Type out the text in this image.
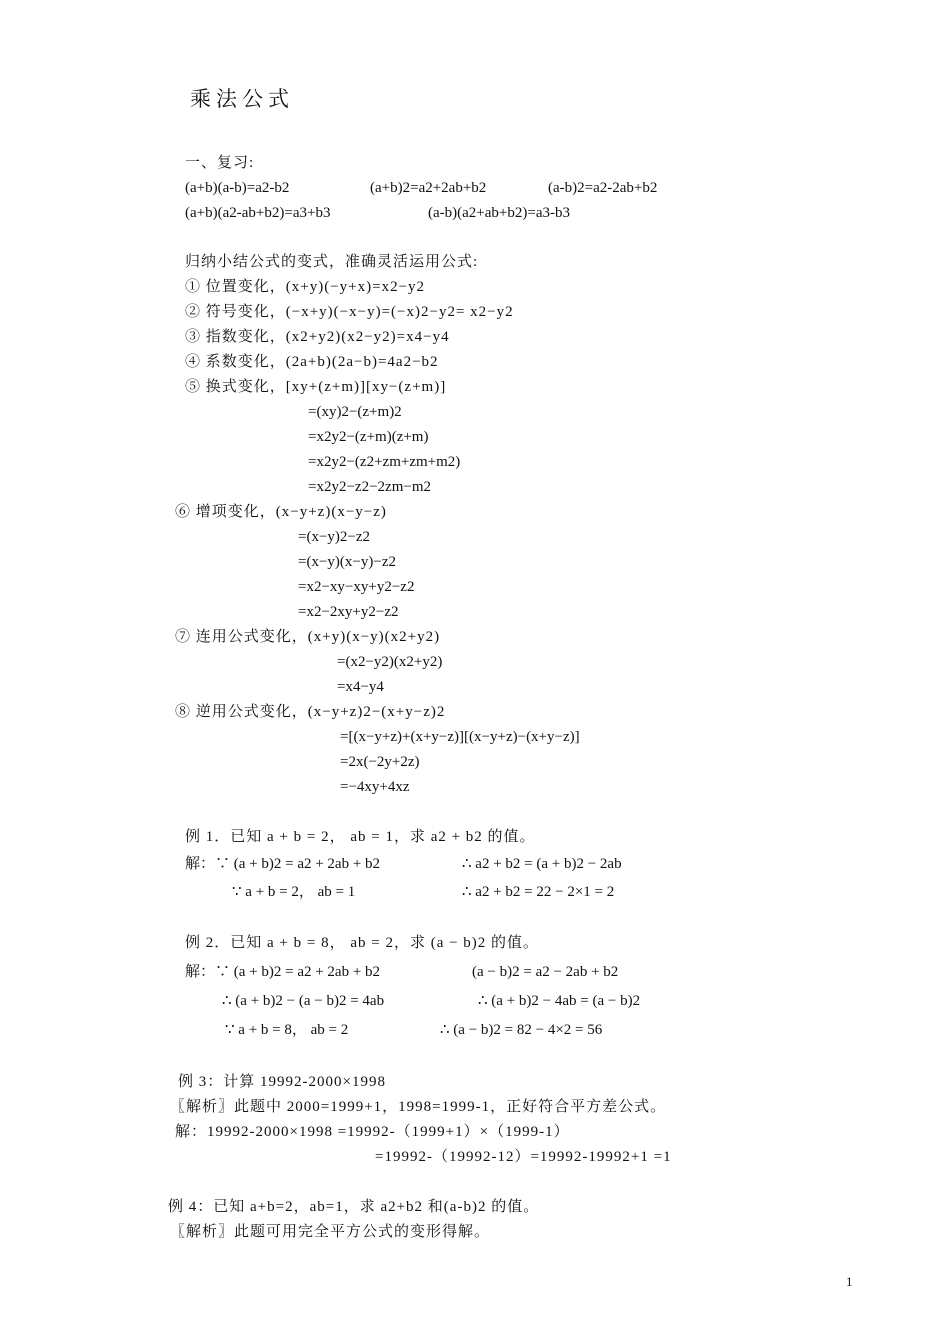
乘法公式
一、复习:
(a+b)(a-b)=a2-b2	(a+b)2=a2+2ab+b2	(a-b)2=a2-2ab+b2
(a+b)(a2-ab+b2)=a3+b3	(a-b)(a2+ab+b2)=a3-b3
归纳小结公式的变式，准确灵活运用公式:
① 位置变化，(x+y)(−y+x)=x2−y2
② 符号变化，(−x+y)(−x−y)=(−x)2−y2= x2−y2
③ 指数变化，(x2+y2)(x2−y2)=x4−y4
④ 系数变化，(2a+b)(2a−b)=4a2−b2
⑤ 换式变化，[xy+(z+m)][xy−(z+m)]
=(xy)2−(z+m)2
=x2y2−(z+m)(z+m)
=x2y2−(z2+zm+zm+m2)
=x2y2−z2−2zm−m2
⑥ 增项变化，(x−y+z)(x−y−z)
=(x−y)2−z2
=(x−y)(x−y)−z2
=x2−xy−xy+y2−z2
=x2−2xy+y2−z2
⑦ 连用公式变化，(x+y)(x−y)(x2+y2)
=(x2−y2)(x2+y2)
=x4−y4
⑧ 逆用公式变化，(x−y+z)2−(x+y−z)2
=[(x−y+z)+(x+y−z)][(x−y+z)−(x+y−z)]
=2x(−2y+2z)
=−4xy+4xz
例 1．已知 a + b = 2， ab = 1，求 a2 + b2 的值。
解：∵ (a + b)2 = a2 + 2ab + b2	∴ a2 + b2 = (a + b)2 − 2ab
∵ a + b = 2， ab = 1	∴ a2 + b2 = 22 − 2×1 = 2
例 2．已知 a + b = 8， ab = 2，求 (a − b)2 的值。
解：∵ (a + b)2 = a2 + 2ab + b2	(a − b)2 = a2 − 2ab + b2
∴ (a + b)2 − (a − b)2 = 4ab	∴ (a + b)2 − 4ab = (a − b)2
∵ a + b = 8， ab = 2	∴ (a − b)2 = 82 − 4×2 = 56
例 3：计算 19992-2000×1998
〖解析〗此题中 2000=1999+1，1998=1999-1，正好符合平方差公式。
解：19992-2000×1998 =19992-（1999+1）×（1999-1）
=19992-（19992-12）=19992-19992+1 =1
例 4：已知 a+b=2，ab=1，求 a2+b2 和(a-b)2 的值。
〖解析〗此题可用完全平方公式的变形得解。
1
